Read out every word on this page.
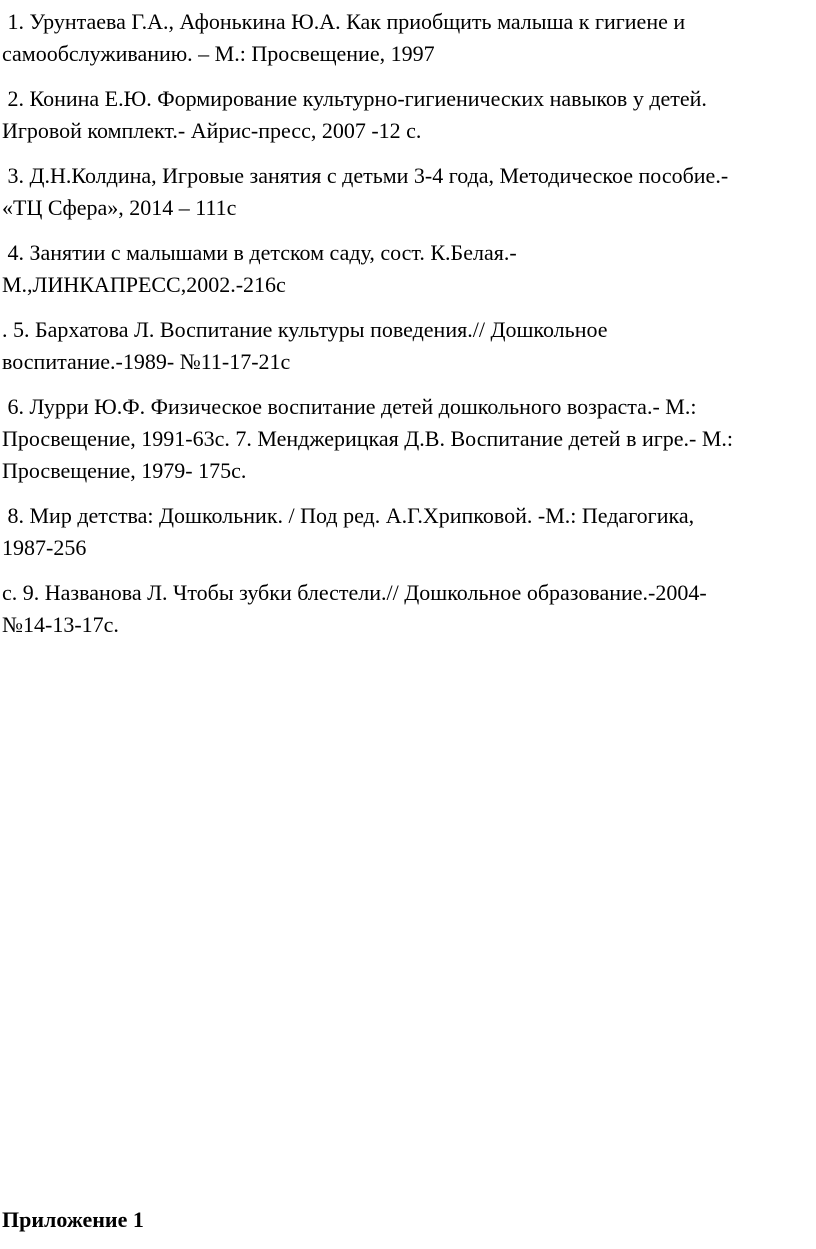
1. Урунтаева Г.А., Афонькина Ю.А. Как приобщить малыша к гигиене и
самообслуживанию. – М.: Просвещение, 1997

2. Конина Е.Ю. Формирование культурно-гигиенических навыков у детей.
Игровой комплект.- Айрис-пресс, 2007 -12 с.

3. Д.Н.Колдина, Игровые занятия с детьми 3-4 года, Методическое пособие.-
«ТЦ Сфера», 2014 – 111с

4. Занятии с малышами в детском саду, сост. К.Белая.-
М.,ЛИНКАПРЕСС,2002.-216с

. 5. Бархатова Л. Воспитание культуры поведения.// Дошкольное
воспитание.-1989- №11-17-21с

6. Лурри Ю.Ф. Физическое воспитание детей дошкольного возраста.- М.:
Просвещение, 1991-63с. 7. Менджерицкая Д.В. Воспитание детей в игре.- М.:
Просвещение, 1979- 175с.

8. Мир детства: Дошкольник. / Под ред. А.Г.Хрипковой. -М.: Педагогика,
1987-256

с. 9. Названова Л. Чтобы зубки блестели.// Дошкольное образование.-2004-
№14-13-17с.

Приложение 1
